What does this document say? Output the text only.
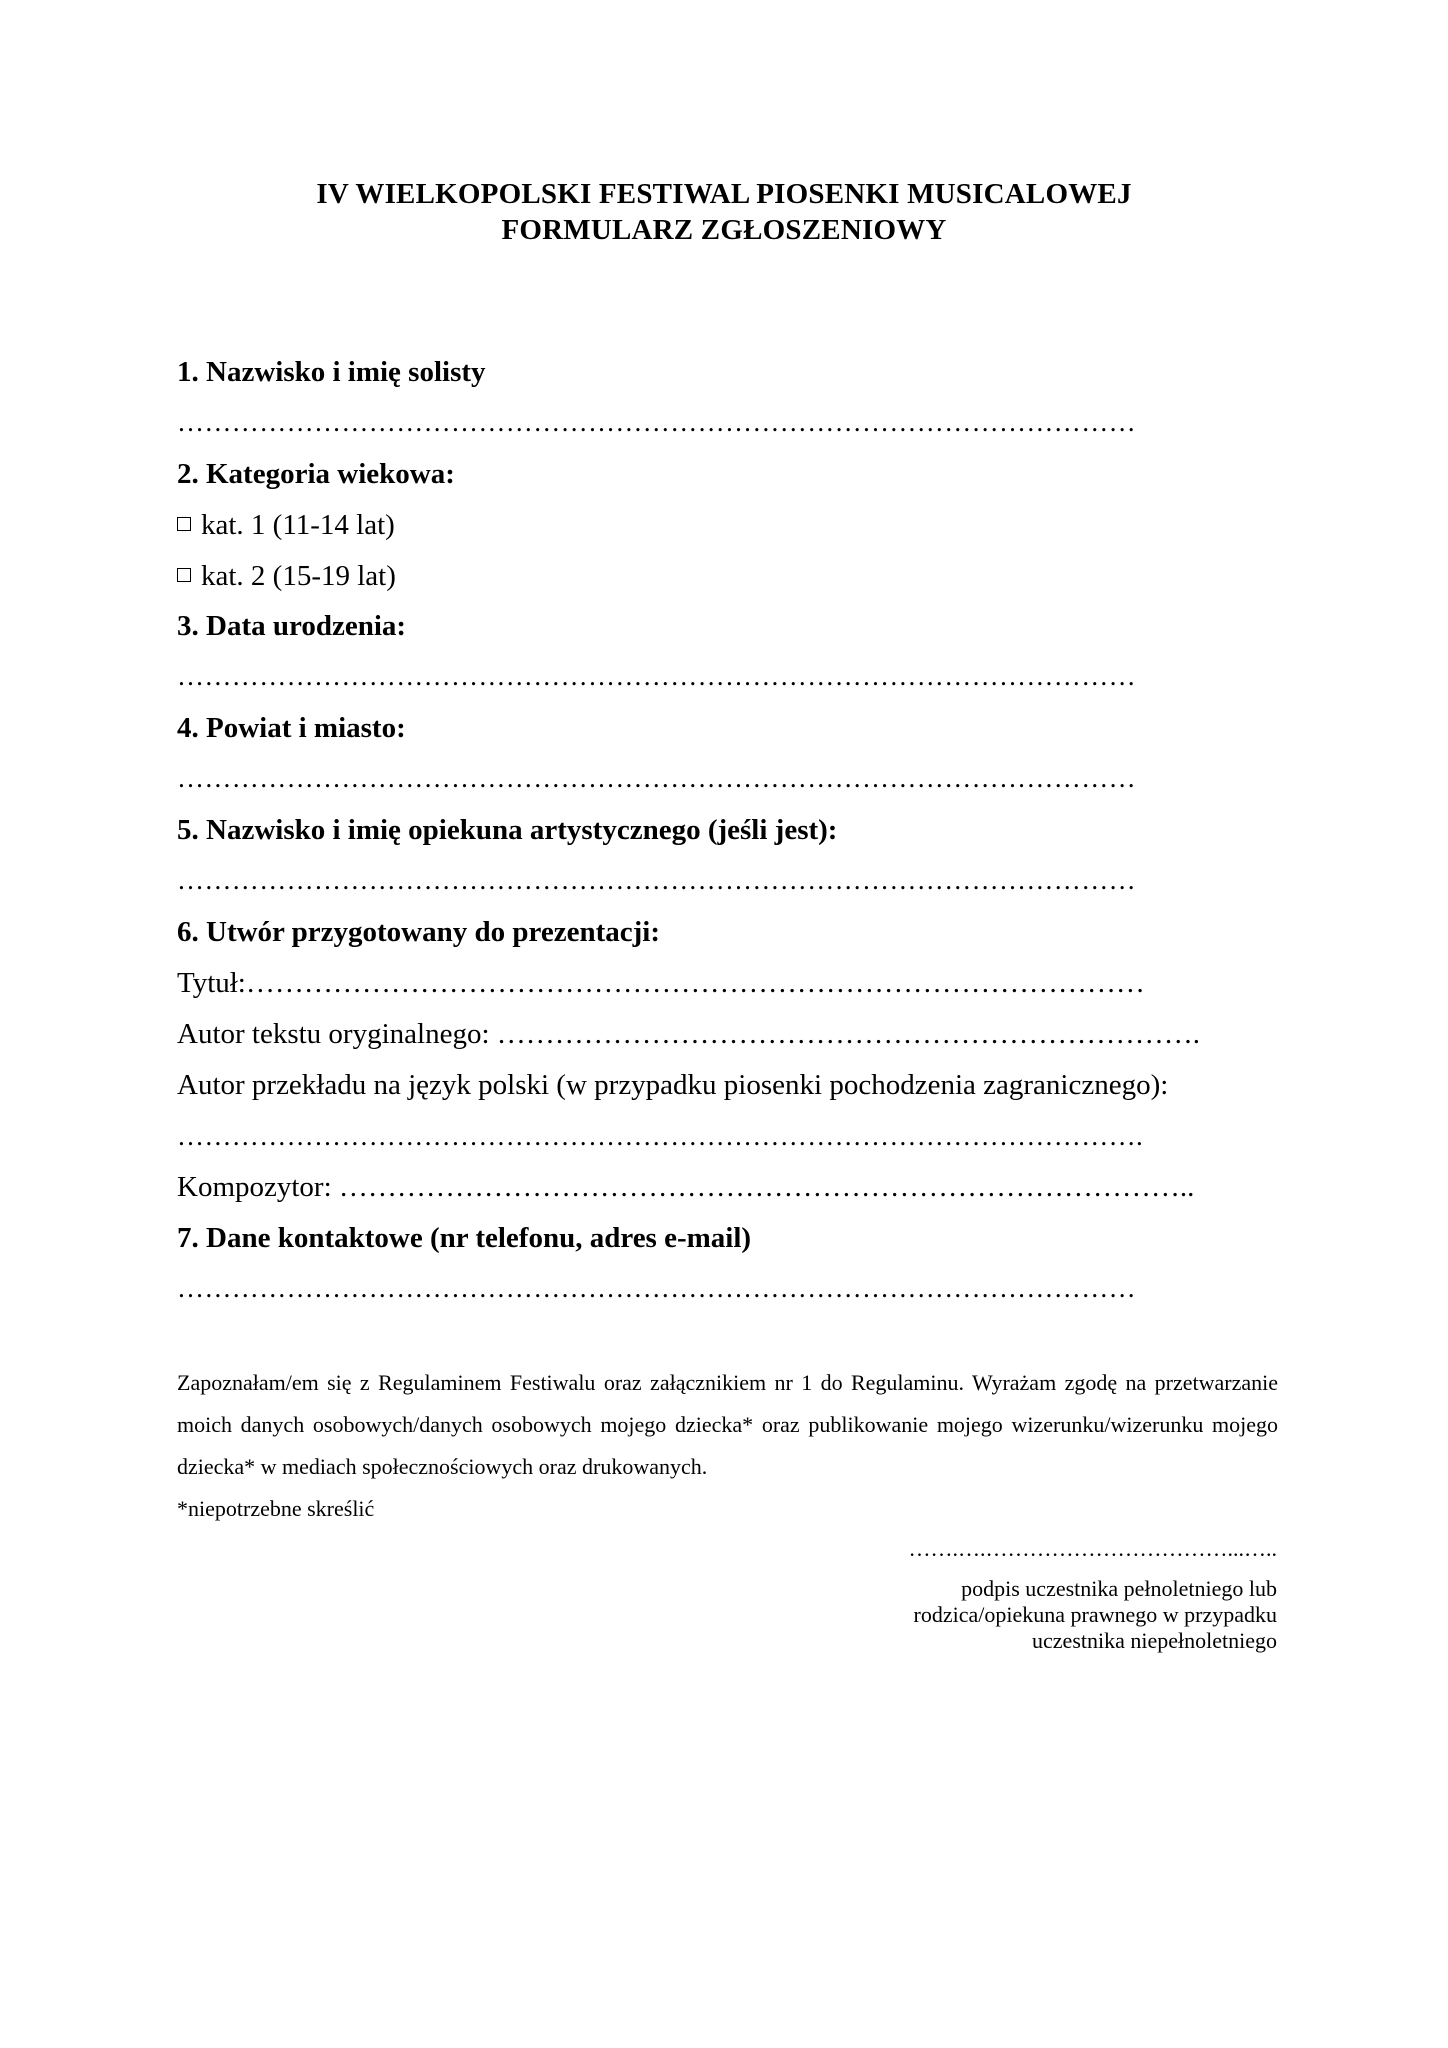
IV WIELKOPOLSKI FESTIWAL PIOSENKI MUSICALOWEJ
FORMULARZ ZGŁOSZENIOWY
1. Nazwisko i imię solisty
……………………………………………………………………………………………
2. Kategoria wiekowa:
kat. 1 (11-14 lat)
kat. 2 (15-19 lat)
3. Data urodzenia:
……………………………………………………………………………………………
4. Powiat i miasto:
……………………………………………………………………………………………
5. Nazwisko i imię opiekuna artystycznego (jeśli jest):
……………………………………………………………………………………………
6. Utwór przygotowany do prezentacji:
Tytuł:…………………………………………………………………………………
Autor tekstu oryginalnego: ……………………………………………………………….
Autor przekładu na język polski (w przypadku piosenki pochodzenia zagranicznego):
…………………………………………………………………………………………….
Kompozytor: ……………………………………………………………………………..
7. Dane kontaktowe (nr telefonu, adres e-mail)
……………………………………………………………………………………………
Zapoznałam/em się z Regulaminem Festiwalu oraz załącznikiem nr 1 do Regulaminu. Wyrażam zgodę na przetwarzanie moich danych osobowych/danych osobowych mojego dziecka* oraz publikowanie mojego wizerunku/wizerunku mojego dziecka* w mediach społecznościowych oraz drukowanych.
*niepotrzebne skreślić
…….….……………………………...…..
podpis uczestnika pełnoletniego lub
rodzica/opiekuna prawnego w przypadku
uczestnika niepełnoletniego
